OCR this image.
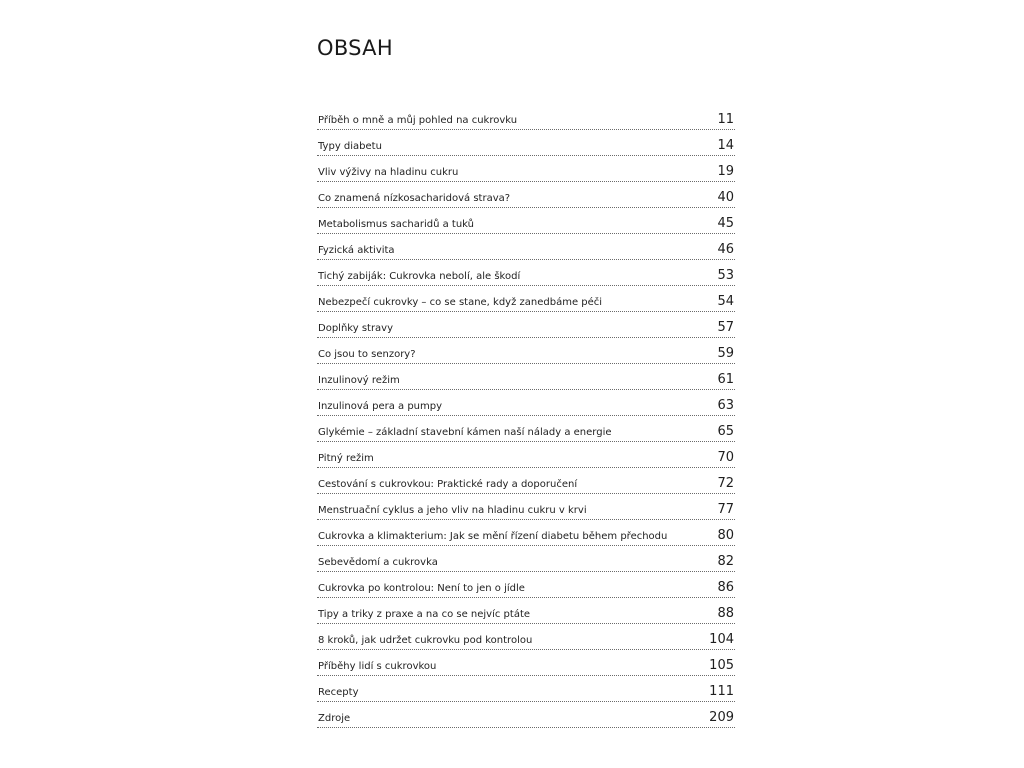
OBSAH
Příběh o mně a můj pohled na cukrovku	11
Typy diabetu	14
Vliv výživy na hladinu cukru	19
Co znamená nízkosacharidová strava?	40
Metabolismus sacharidů a tuků	45
Fyzická aktivita	46
Tichý zabiják: Cukrovka nebolí, ale škodí	53
Nebezpečí cukrovky – co se stane, když zanedbáme péči	54
Doplňky stravy	57
Co jsou to senzory?	59
Inzulinový režim	61
Inzulinová pera a pumpy	63
Glykémie – základní stavební kámen naší nálady a energie	65
Pitný režim	70
Cestování s cukrovkou: Praktické rady a doporučení	72
Menstruační cyklus a jeho vliv na hladinu cukru v krvi	77
Cukrovka a klimakterium: Jak se mění řízení diabetu během přechodu	80
Sebevědomí a cukrovka	82
Cukrovka po kontrolou: Není to jen o jídle	86
Tipy a triky z praxe a na co se nejvíc ptáte	88
8 kroků, jak udržet cukrovku pod kontrolou	104
Příběhy lidí s cukrovkou	105
Recepty	111
Zdroje	209
